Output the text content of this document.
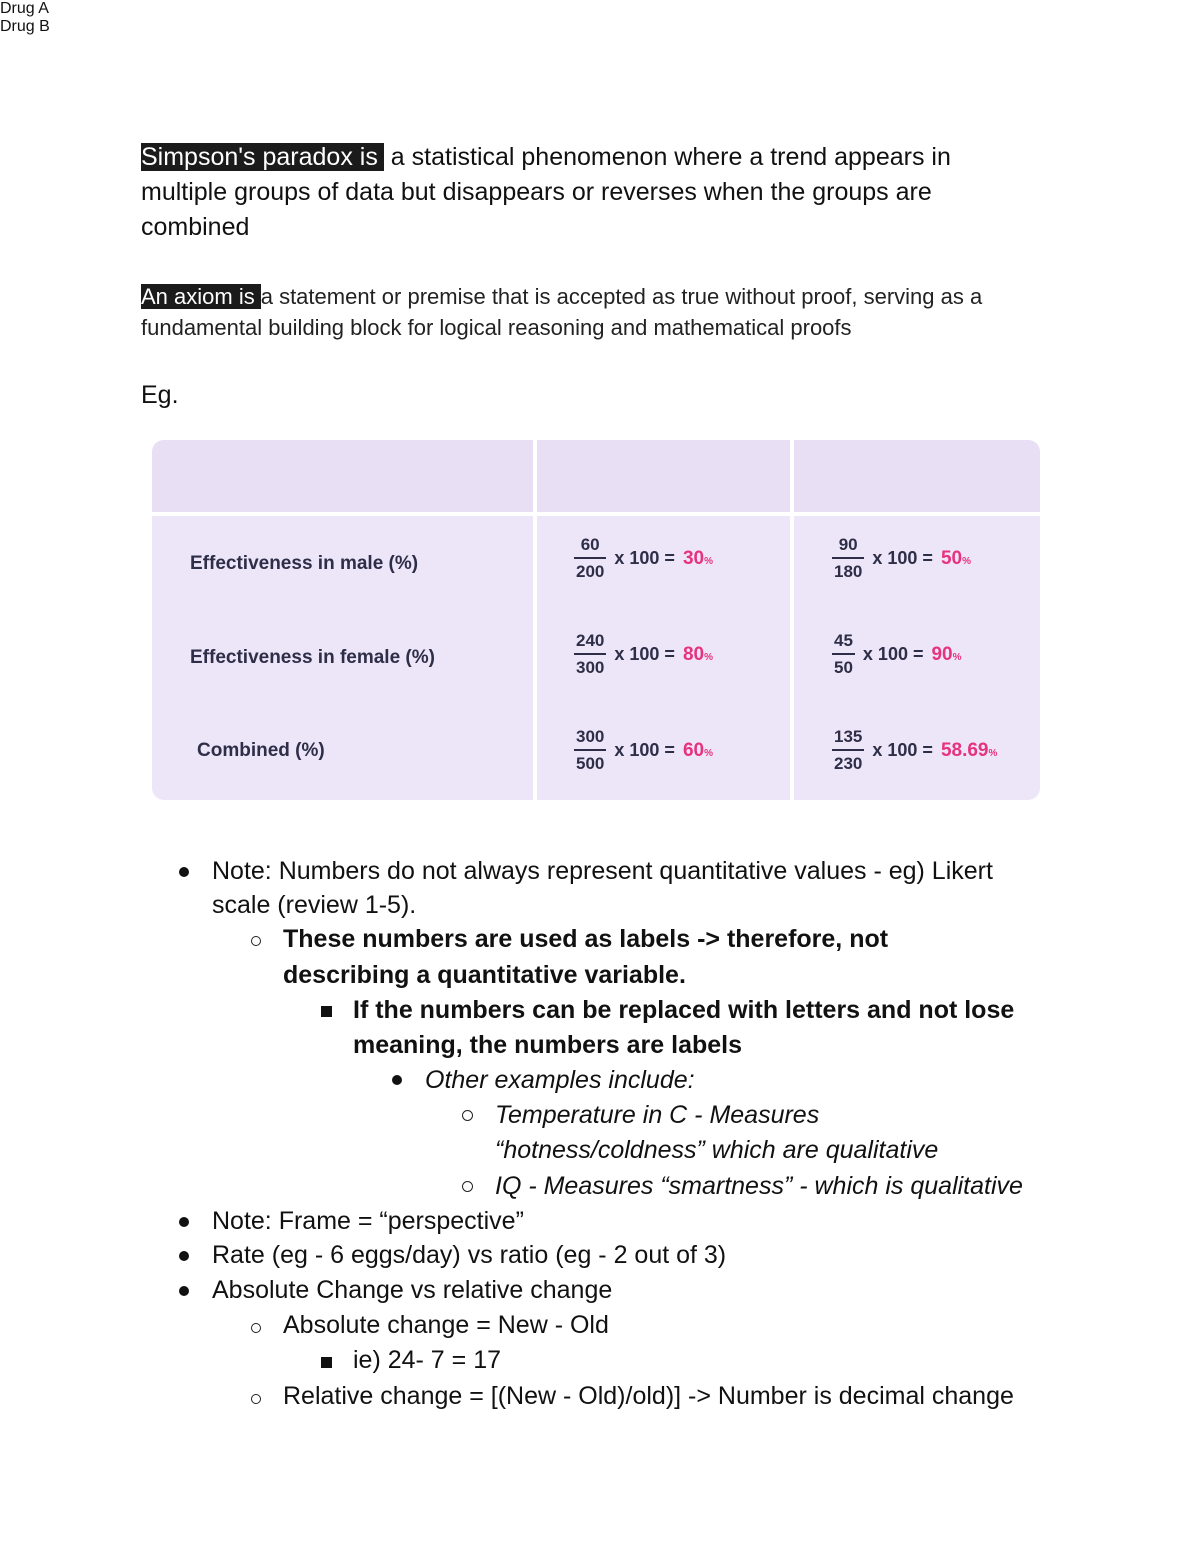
Simpson's paradox is a statistical phenomenon where a trend appears in
multiple groups of data but disappears or reverses when the groups are
combined
An axiom is a statement or premise that is accepted as true without proof, serving as a
fundamental building block for logical reasoning and mathematical proofs
Eg.
Drug A
Drug B
Effectiveness in male (%)	$\frac{60}{200}$ x 100 = 30%	$\frac{90}{180}$ x 100 = 50%
Effectiveness in female (%)	$\frac{240}{300}$ x 100 = 80%	$\frac{45}{50}$ x 100 = 90%
Combined (%)	$\frac{300}{500}$ x 100 = 60%	$\frac{135}{230}$ x 100 = 58.69%
Note: Numbers do not always represent quantitative values - eg) Likert
scale (review 1-5).
These numbers are used as labels -> therefore, not
describing a quantitative variable.
If the numbers can be replaced with letters and not lose
meaning, the numbers are labels
Other examples include:
Temperature in C - Measures
“hotness/coldness” which are qualitative
IQ - Measures “smartness” - which is qualitative
Note: Frame = “perspective”
Rate (eg - 6 eggs/day) vs ratio (eg - 2 out of 3)
Absolute Change vs relative change
Absolute change = New - Old
ie) 24- 7 = 17
Relative change = [(New - Old)/old)] -> Number is decimal change
